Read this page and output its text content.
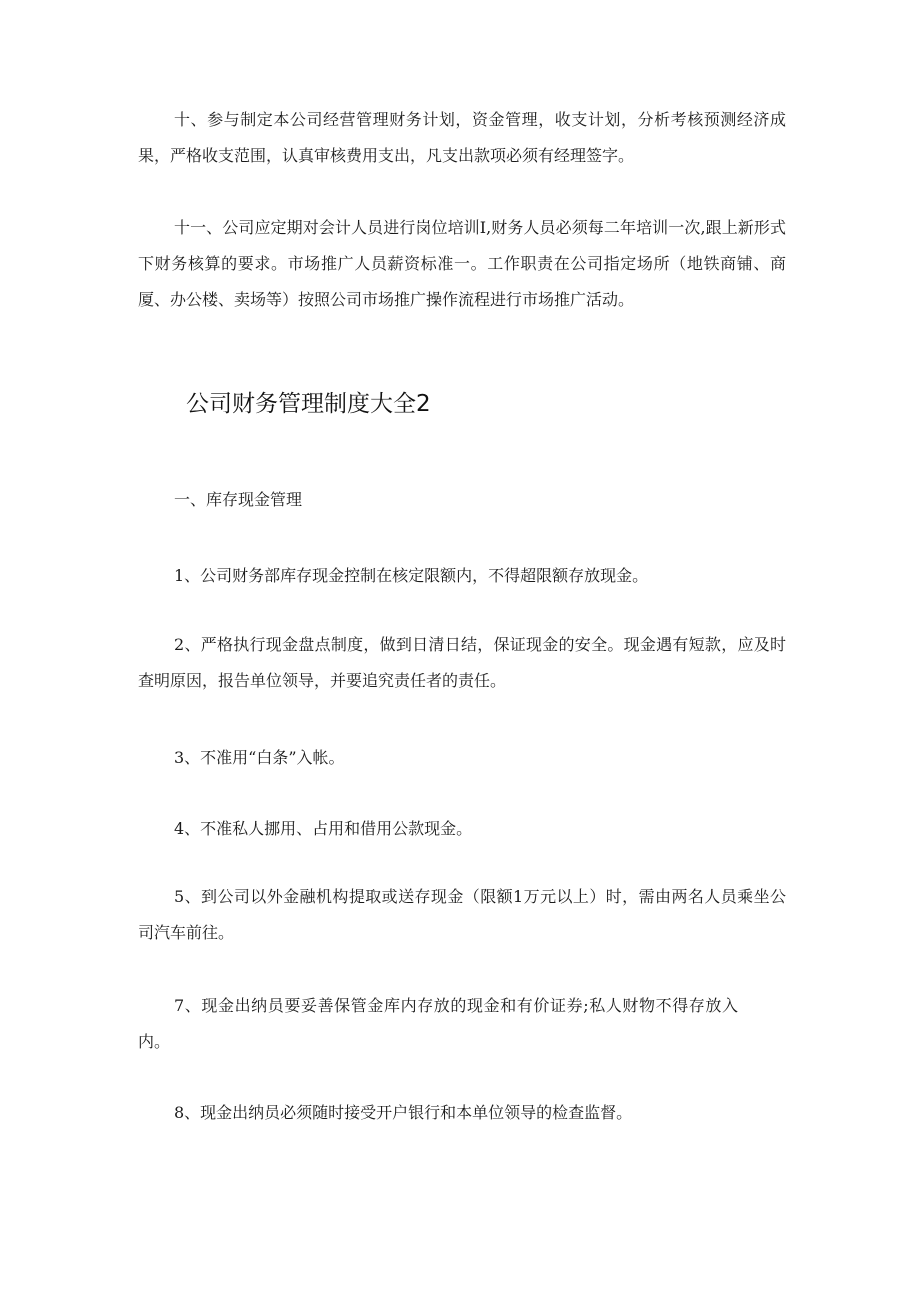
十、参与制定本公司经营管理财务计划，资金管理，收支计划，分析考核预测经济成果，严格收支范围，认真审核费用支出，凡支出款项必须有经理签字。

十一、公司应定期对会计人员进行岗位培训I,财务人员必须每二年培训一次,跟上新形式下财务核算的要求。市场推广人员薪资标准一。工作职责在公司指定场所（地铁商铺、商厦、办公楼、卖场等）按照公司市场推广操作流程进行市场推广活动。

公司财务管理制度大全2

一、库存现金管理

1、公司财务部库存现金控制在核定限额内，不得超限额存放现金。

2、严格执行现金盘点制度，做到日清日结，保证现金的安全。现金遇有短款，应及时查明原因，报告单位领导，并要追究责任者的责任。

3、不准用“白条”入帐。

4、不准私人挪用、占用和借用公款现金。

5、到公司以外金融机构提取或送存现金（限额1万元以上）时，需由两名人员乘坐公司汽车前往。

7、现金出纳员要妥善保管金库内存放的现金和有价证券;私人财物不得存放入内。

8、现金出纳员必须随时接受开户银行和本单位领导的检查监督。
